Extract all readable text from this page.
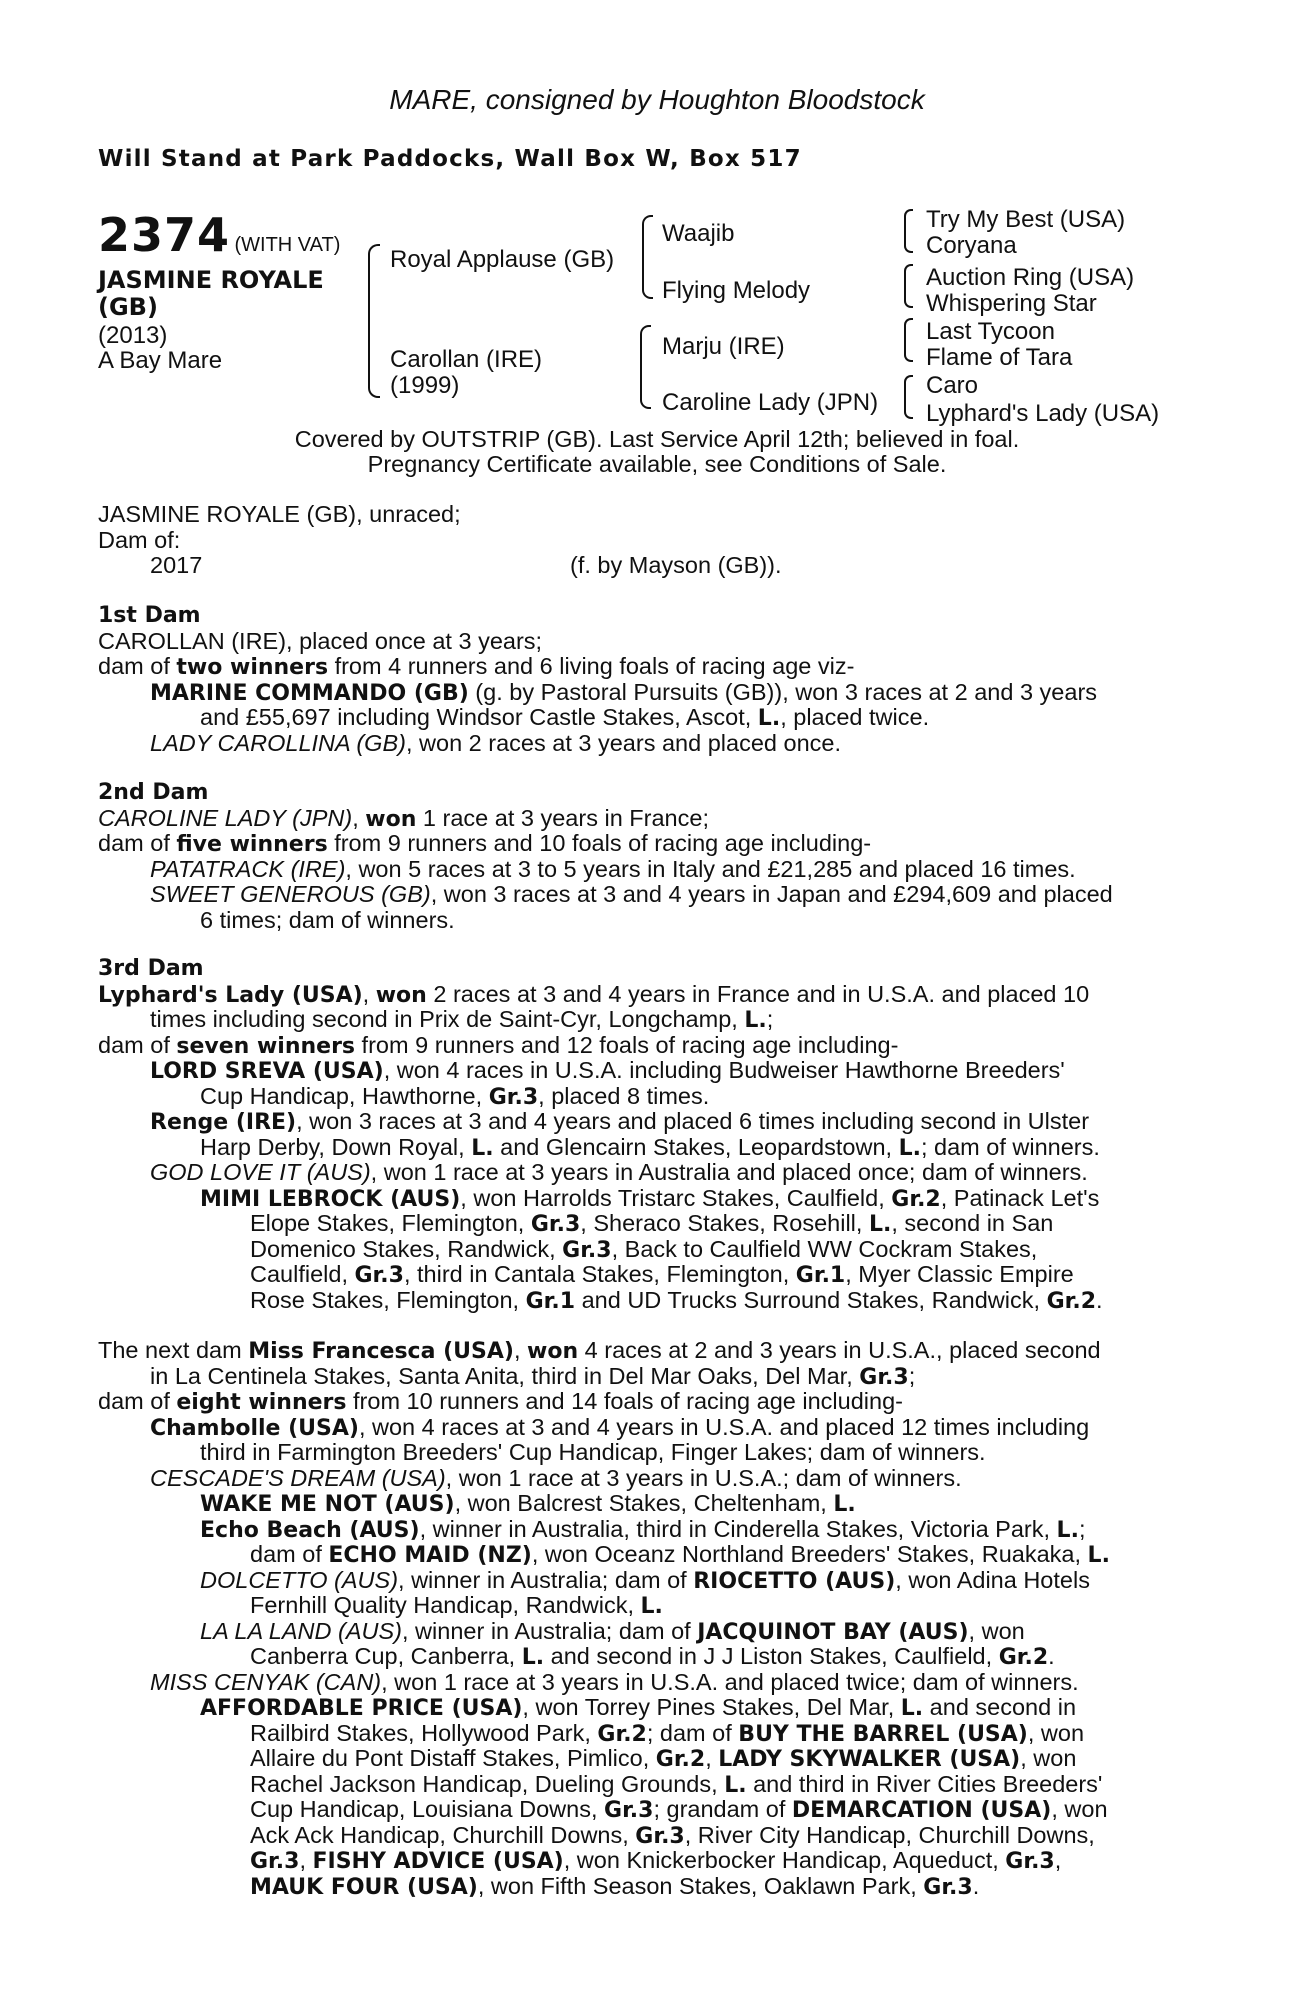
MARE, consigned by Houghton Bloodstock
Will Stand at Park Paddocks, Wall Box W, Box 517
2374 (WITH VAT)
JASMINE ROYALE
(GB)
(2013)
A Bay Mare
Royal Applause (GB)
Carollan (IRE)
(1999)
Waajib
Flying Melody
Marju (IRE)
Caroline Lady (JPN)
Try My Best (USA)
Coryana
Auction Ring (USA)
Whispering Star
Last Tycoon
Flame of Tara
Caro
Lyphard's Lady (USA)
Covered by OUTSTRIP (GB). Last Service April 12th; believed in foal.
Pregnancy Certificate available, see Conditions of Sale.
JASMINE ROYALE (GB), unraced;
Dam of:
2017	(f. by Mayson (GB)).
1st Dam
CAROLLAN (IRE), placed once at 3 years;
dam of two winners from 4 runners and 6 living foals of racing age viz-
MARINE COMMANDO (GB) (g. by Pastoral Pursuits (GB)), won 3 races at 2 and 3 years
and £55,697 including Windsor Castle Stakes, Ascot, L., placed twice.
LADY CAROLLINA (GB), won 2 races at 3 years and placed once.
2nd Dam
CAROLINE LADY (JPN), won 1 race at 3 years in France;
dam of five winners from 9 runners and 10 foals of racing age including-
PATATRACK (IRE), won 5 races at 3 to 5 years in Italy and £21,285 and placed 16 times.
SWEET GENEROUS (GB), won 3 races at 3 and 4 years in Japan and £294,609 and placed
6 times; dam of winners.
3rd Dam
Lyphard's Lady (USA), won 2 races at 3 and 4 years in France and in U.S.A. and placed 10
times including second in Prix de Saint-Cyr, Longchamp, L.;
dam of seven winners from 9 runners and 12 foals of racing age including-
LORD SREVA (USA), won 4 races in U.S.A. including Budweiser Hawthorne Breeders'
Cup Handicap, Hawthorne, Gr.3, placed 8 times.
Renge (IRE), won 3 races at 3 and 4 years and placed 6 times including second in Ulster
Harp Derby, Down Royal, L. and Glencairn Stakes, Leopardstown, L.; dam of winners.
GOD LOVE IT (AUS), won 1 race at 3 years in Australia and placed once; dam of winners.
MIMI LEBROCK (AUS), won Harrolds Tristarc Stakes, Caulfield, Gr.2, Patinack Let's
Elope Stakes, Flemington, Gr.3, Sheraco Stakes, Rosehill, L., second in San
Domenico Stakes, Randwick, Gr.3, Back to Caulfield WW Cockram Stakes,
Caulfield, Gr.3, third in Cantala Stakes, Flemington, Gr.1, Myer Classic Empire
Rose Stakes, Flemington, Gr.1 and UD Trucks Surround Stakes, Randwick, Gr.2.
The next dam Miss Francesca (USA), won 4 races at 2 and 3 years in U.S.A., placed second
in La Centinela Stakes, Santa Anita, third in Del Mar Oaks, Del Mar, Gr.3;
dam of eight winners from 10 runners and 14 foals of racing age including-
Chambolle (USA), won 4 races at 3 and 4 years in U.S.A. and placed 12 times including
third in Farmington Breeders' Cup Handicap, Finger Lakes; dam of winners.
CESCADE'S DREAM (USA), won 1 race at 3 years in U.S.A.; dam of winners.
WAKE ME NOT (AUS), won Balcrest Stakes, Cheltenham, L.
Echo Beach (AUS), winner in Australia, third in Cinderella Stakes, Victoria Park, L.;
dam of ECHO MAID (NZ), won Oceanz Northland Breeders' Stakes, Ruakaka, L.
DOLCETTO (AUS), winner in Australia; dam of RIOCETTO (AUS), won Adina Hotels
Fernhill Quality Handicap, Randwick, L.
LA LA LAND (AUS), winner in Australia; dam of JACQUINOT BAY (AUS), won
Canberra Cup, Canberra, L. and second in J J Liston Stakes, Caulfield, Gr.2.
MISS CENYAK (CAN), won 1 race at 3 years in U.S.A. and placed twice; dam of winners.
AFFORDABLE PRICE (USA), won Torrey Pines Stakes, Del Mar, L. and second in
Railbird Stakes, Hollywood Park, Gr.2; dam of BUY THE BARREL (USA), won
Allaire du Pont Distaff Stakes, Pimlico, Gr.2, LADY SKYWALKER (USA), won
Rachel Jackson Handicap, Dueling Grounds, L. and third in River Cities Breeders'
Cup Handicap, Louisiana Downs, Gr.3; grandam of DEMARCATION (USA), won
Ack Ack Handicap, Churchill Downs, Gr.3, River City Handicap, Churchill Downs,
Gr.3, FISHY ADVICE (USA), won Knickerbocker Handicap, Aqueduct, Gr.3,
MAUK FOUR (USA), won Fifth Season Stakes, Oaklawn Park, Gr.3.
